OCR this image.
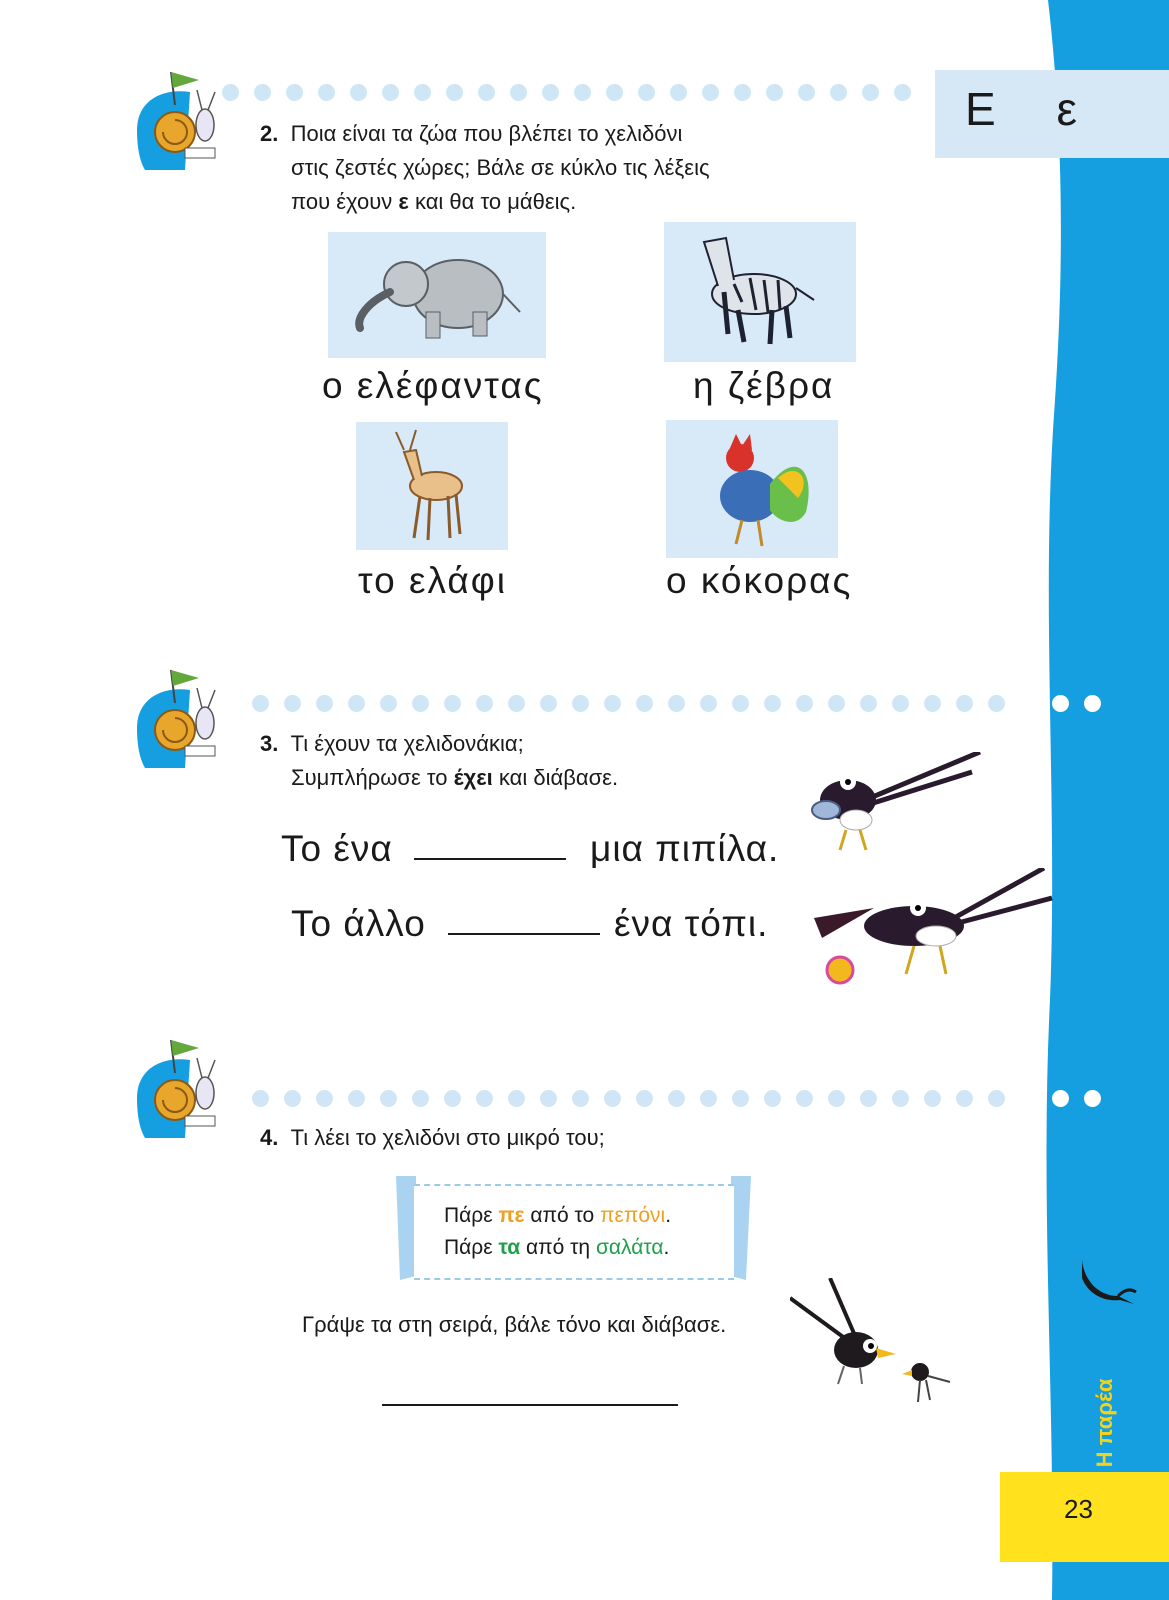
Ε ε
2. Ποια είναι τα ζώα που βλέπει το χελιδόνι
στις ζεστές χώρες; Βάλε σε κύκλο τις λέξεις
που έχουν ε και θα το μάθεις.
ο ελέφαντας	η ζέβρα
το ελάφι	ο κόκορας
3. Τι έχουν τα χελιδονάκια;
Συμπλήρωσε το έχει και διάβασε.
Το ένα	μια πιπίλα.
Το άλλο	ένα τόπι.
4. Τι λέει το χελιδόνι στο μικρό του;
Πάρε πε από το πεπόνι.
Πάρε τα από τη σαλάτα.
Γράψε τα στη σειρά, βάλε τόνο και διάβασε.
Η παρέα
23
